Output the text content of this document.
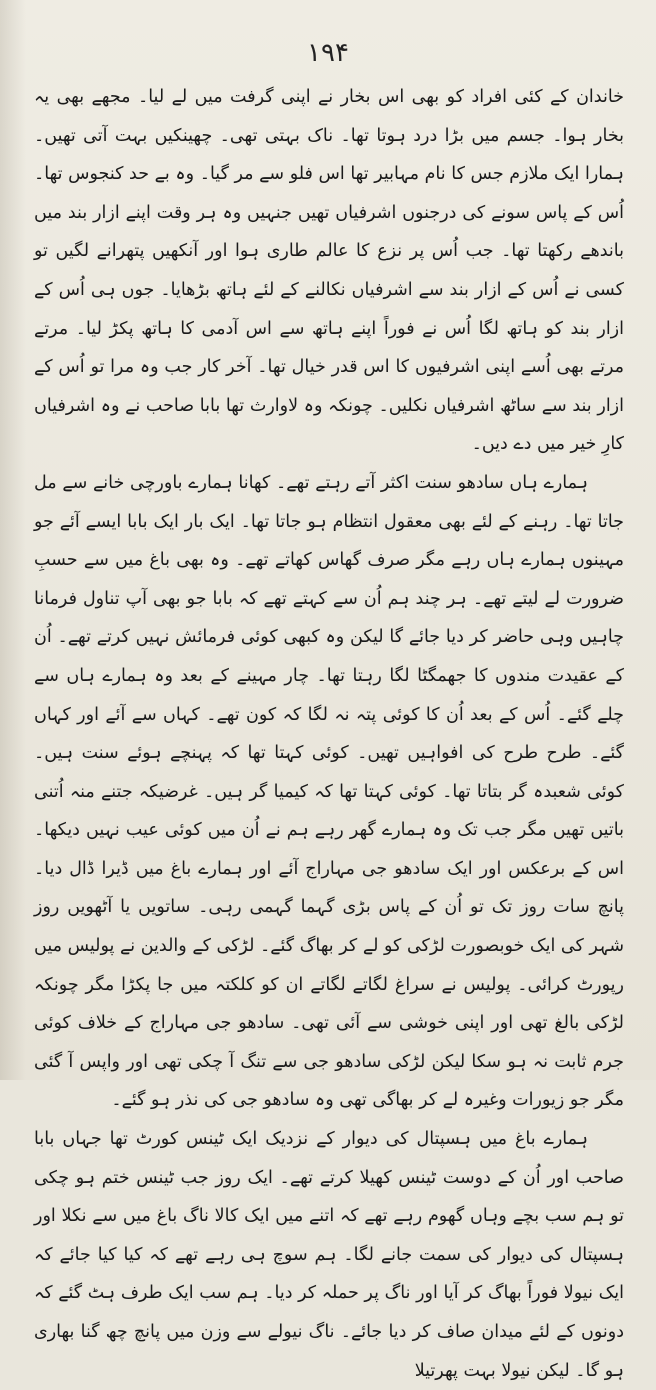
۱۹۴

خاندان کے کئی افراد کو بھی اس بخار نے اپنی گرفت میں لے لیا۔ مجھے بھی یہ بخار ہوا۔ جسم میں بڑا درد ہوتا تھا۔ ناک بہتی تھی۔ چھینکیں بہت آتی تھیں۔ ہمارا ایک ملازم جس کا نام مہابیر تھا اس فلو سے مر گیا۔ وہ بے حد کنجوس تھا۔ اُس کے پاس سونے کی درجنوں اشرفیاں تھیں جنہیں وہ ہر وقت اپنے ازار بند میں باندھے رکھتا تھا۔ جب اُس پر نزع کا عالم طاری ہوا اور آنکھیں پتھرانے لگیں تو کسی نے اُس کے ازار بند سے اشرفیاں نکالنے کے لئے ہاتھ بڑھایا۔ جوں ہی اُس کے ازار بند کو ہاتھ لگا اُس نے فوراً اپنے ہاتھ سے اس آدمی کا ہاتھ پکڑ لیا۔ مرتے مرتے بھی اُسے اپنی اشرفیوں کا اس قدر خیال تھا۔ آخر کار جب وہ مرا تو اُس کے ازار بند سے ساٹھ اشرفیاں نکلیں۔ چونکہ وہ لاوارث تھا بابا صاحب نے وہ اشرفیاں کارِ خیر میں دے دیں۔

ہمارے ہاں سادھو سنت اکثر آتے رہتے تھے۔ کھانا ہمارے باورچی خانے سے مل جاتا تھا۔ رہنے کے لئے بھی معقول انتظام ہو جاتا تھا۔ ایک بار ایک بابا ایسے آئے جو مہینوں ہمارے ہاں رہے مگر صرف گھاس کھاتے تھے۔ وہ بھی باغ میں سے حسبِ ضرورت لے لیتے تھے۔ ہر چند ہم اُن سے کہتے تھے کہ بابا جو بھی آپ تناول فرمانا چاہیں وہی حاضر کر دیا جائے گا لیکن وہ کبھی کوئی فرمائش نہیں کرتے تھے۔ اُن کے عقیدت مندوں کا جھمگٹا لگا رہتا تھا۔ چار مہینے کے بعد وہ ہمارے ہاں سے چلے گئے۔ اُس کے بعد اُن کا کوئی پتہ نہ لگا کہ کون تھے۔ کہاں سے آئے اور کہاں گئے۔ طرح طرح کی افواہیں تھیں۔ کوئی کہتا تھا کہ پہنچے ہوئے سنت ہیں۔ کوئی شعبدہ گر بتاتا تھا۔ کوئی کہتا تھا کہ کیمیا گر ہیں۔ غرضیکہ جتنے منہ اُتنی باتیں تھیں مگر جب تک وہ ہمارے گھر رہے ہم نے اُن میں کوئی عیب نہیں دیکھا۔ اس کے برعکس اور ایک سادھو جی مہاراج آئے اور ہمارے باغ میں ڈیرا ڈال دیا۔ پانچ سات روز تک تو اُن کے پاس بڑی گہما گہمی رہی۔ ساتویں یا آٹھویں روز شہر کی ایک خوبصورت لڑکی کو لے کر بھاگ گئے۔ لڑکی کے والدین نے پولیس میں رپورٹ کرائی۔ پولیس نے سراغ لگاتے لگاتے ان کو کلکتہ میں جا پکڑا مگر چونکہ لڑکی بالغ تھی اور اپنی خوشی سے آئی تھی۔ سادھو جی مہاراج کے خلاف کوئی جرم ثابت نہ ہو سکا لیکن لڑکی سادھو جی سے تنگ آ چکی تھی اور واپس آ گئی مگر جو زیورات وغیرہ لے کر بھاگی تھی وہ سادھو جی کی نذر ہو گئے۔

ہمارے باغ میں ہسپتال کی دیوار کے نزدیک ایک ٹینس کورٹ تھا جہاں بابا صاحب اور اُن کے دوست ٹینس کھیلا کرتے تھے۔ ایک روز جب ٹینس ختم ہو چکی تو ہم سب بچے وہاں گھوم رہے تھے کہ اتنے میں ایک کالا ناگ باغ میں سے نکلا اور ہسپتال کی دیوار کی سمت جانے لگا۔ ہم سوچ ہی رہے تھے کہ کیا کیا جائے کہ ایک نیولا فوراً بھاگ کر آیا اور ناگ پر حملہ کر دیا۔ ہم سب ایک طرف ہٹ گئے کہ دونوں کے لئے میدان صاف کر دیا جائے۔ ناگ نیولے سے وزن میں پانچ چھ گنا بھاری ہو گا۔ لیکن نیولا بہت پھرتیلا
